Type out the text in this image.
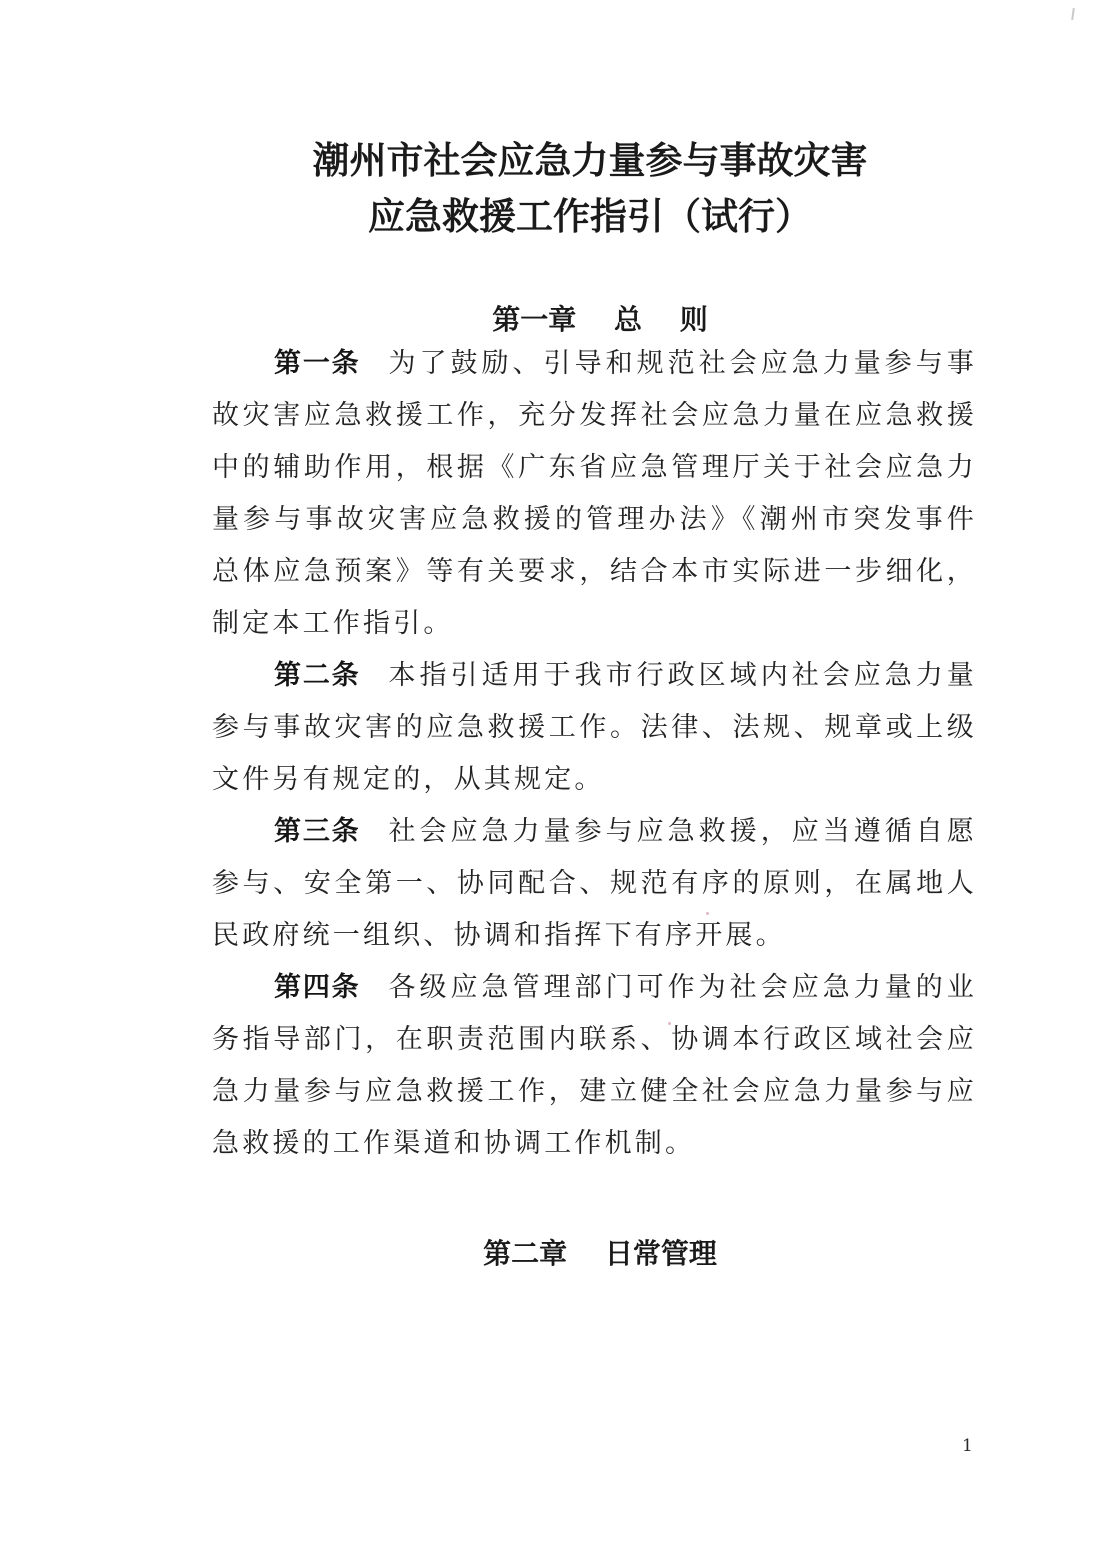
潮州市社会应急力量参与事故灾害
应急救援工作指引（试行）
第一章　 总　 则

第一条 为了鼓励、引导和规范社会应急力量参与事故灾害应急救援工作，充分发挥社会应急力量在应急救援中的辅助作用，根据《广东省应急管理厅关于社会应急力量参与事故灾害应急救援的管理办法》《潮州市突发事件总体应急预案》等有关要求，结合本市实际进一步细化，制定本工作指引。

第二条 本指引适用于我市行政区域内社会应急力量参与事故灾害的应急救援工作。法律、法规、规章或上级文件另有规定的，从其规定。

第三条 社会应急力量参与应急救援，应当遵循自愿参与、安全第一、协同配合、规范有序的原则，在属地人民政府统一组织、协调和指挥下有序开展。

第四条 各级应急管理部门可作为社会应急力量的业务指导部门，在职责范围内联系、协调本行政区域社会应急力量参与应急救援工作，建立健全社会应急力量参与应急救援的工作渠道和协调工作机制。

第二章　 日常管理
1
